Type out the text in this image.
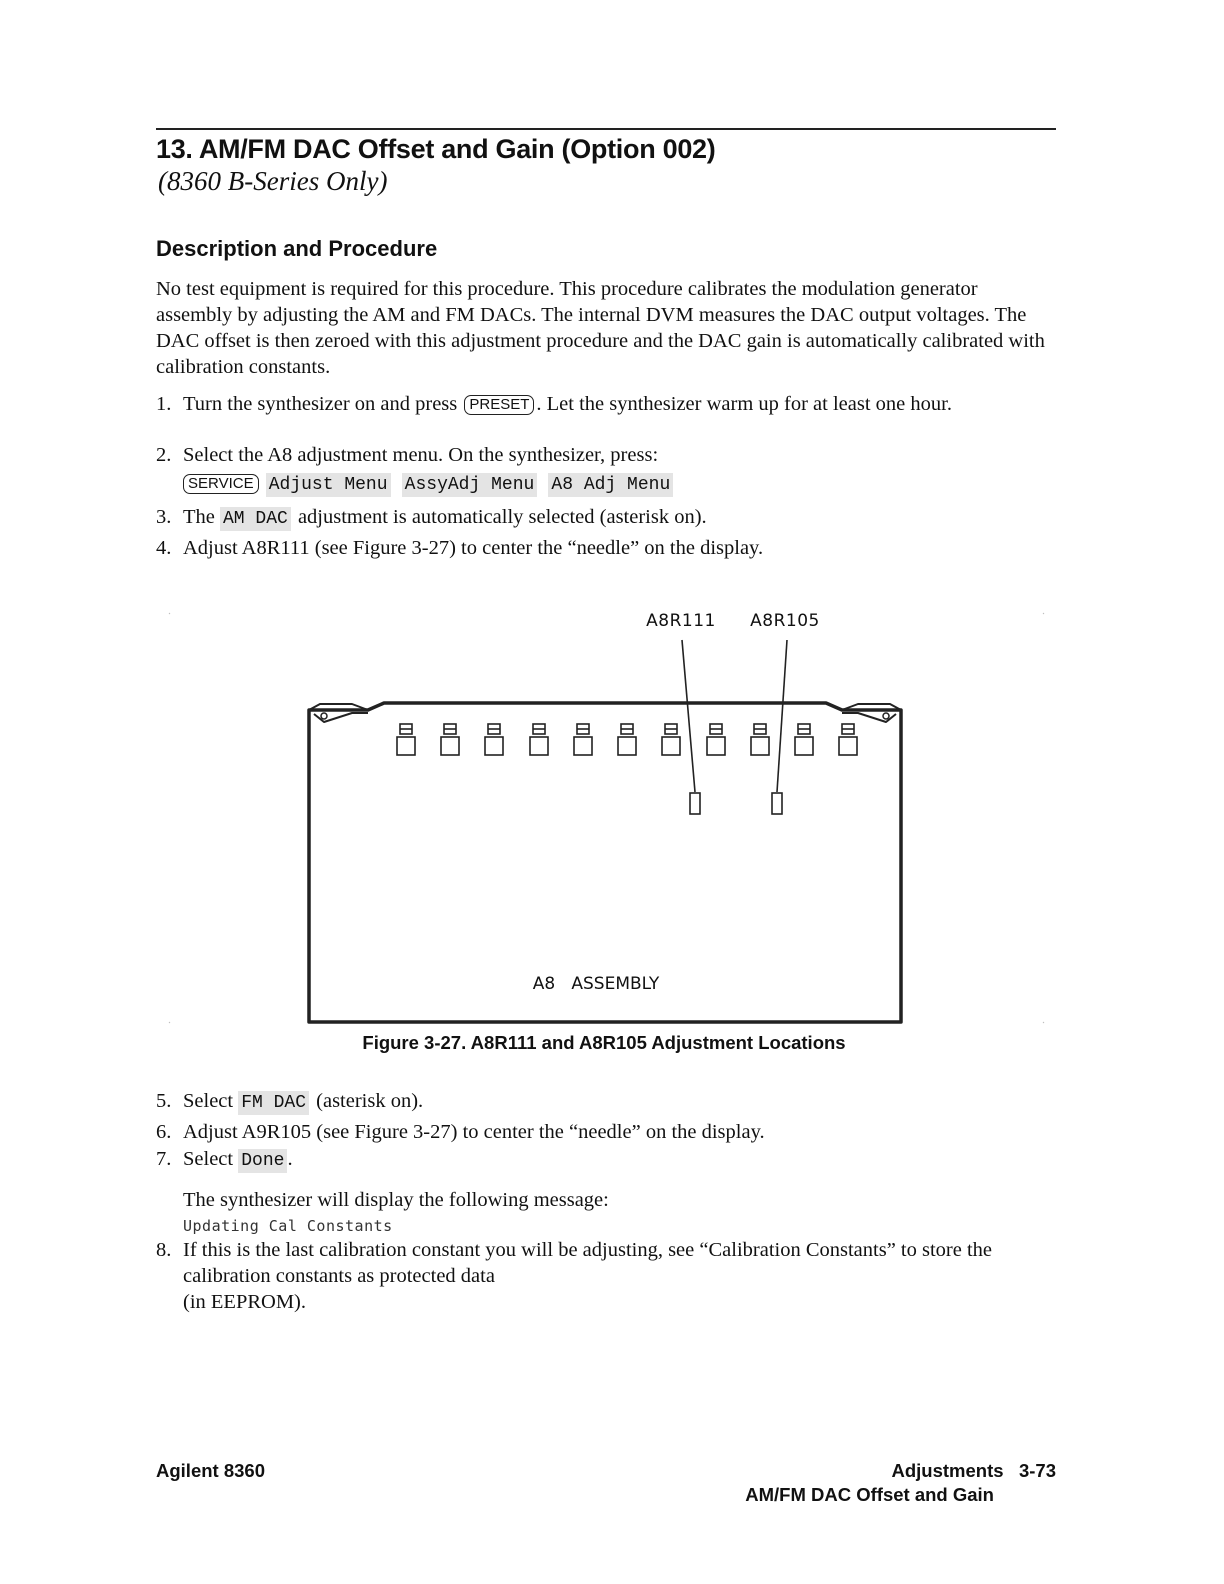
13. AM/FM DAC Offset and Gain (Option 002)
(8360 B-Series Only)
Description and Procedure
No test equipment is required for this procedure. This procedure calibrates the modulation generator assembly by adjusting the AM and FM DACs. The internal DVM measures the DAC output voltages. The DAC offset is then zeroed with this adjustment procedure and the DAC gain is automatically calibrated with calibration constants.
1. Turn the synthesizer on and press PRESET . Let the synthesizer warm up for at least one hour.
2. Select the A8 adjustment menu. On the synthesizer, press:
SERVICE Adjust Menu AssyAdj Menu A8 Adj Menu
3. The AM DAC adjustment is automatically selected (asterisk on).
4. Adjust A8R111 (see Figure 3-27) to center the “needle” on the display.
A8R111 A8R105
A8   ASSEMBLY
Figure 3-27. A8R111 and A8R105 Adjustment Locations
5. Select FM DAC (asterisk on).
6. Adjust A9R105 (see Figure 3-27) to center the “needle” on the display.
7. Select Done .
The synthesizer will display the following message:
Updating Cal Constants
8. If this is the last calibration constant you will be adjusting, see “Calibration Constants” to store the calibration constants as protected data
(in EEPROM).
Agilent 8360	Adjustments   3-73
AM/FM DAC Offset and Gain
